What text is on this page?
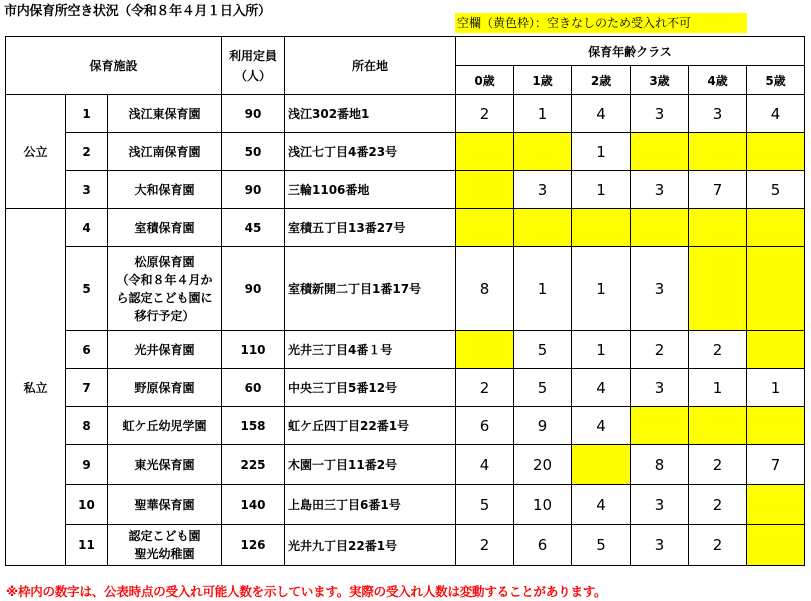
市内保育所空き状況（令和８年４月１日入所）
空欄（黄色枠）：空きなしのため受入れ不可
保育施設			利用定員
（人）	所在地	保育年齢クラス					
					0歳	1歳	2歳	3歳	4歳	5歳
公立	1	浅江東保育園	90	浅江302番地1	2	1	4	3	3	4
	2	浅江南保育園	50	浅江七丁目4番23号			1			
	3	大和保育園	90	三輪1106番地		3	1	3	7	5
私立	4	室積保育園	45	室積五丁目13番27号						
	5	松原保育園
（令和８年４月か
ら認定こども園に
移行予定）	90	室積新開二丁目1番17号	8	1	1	3		
	6	光井保育園	110	光井三丁目4番１号		5	1	2	2	
	7	野原保育園	60	中央三丁目5番12号	2	5	4	3	1	1
	8	虹ケ丘幼児学園	158	虹ケ丘四丁目22番1号	6	9	4			
	9	東光保育園	225	木園一丁目11番2号	4	20		8	2	7
	10	聖華保育園	140	上島田三丁目6番1号	5	10	4	3	2	
	11	認定こども園
聖光幼稚園	126	光井九丁目22番1号	2	6	5	3	2	
※枠内の数字は、公表時点の受入れ可能人数を示しています。実際の受入れ人数は変動することがあります。
